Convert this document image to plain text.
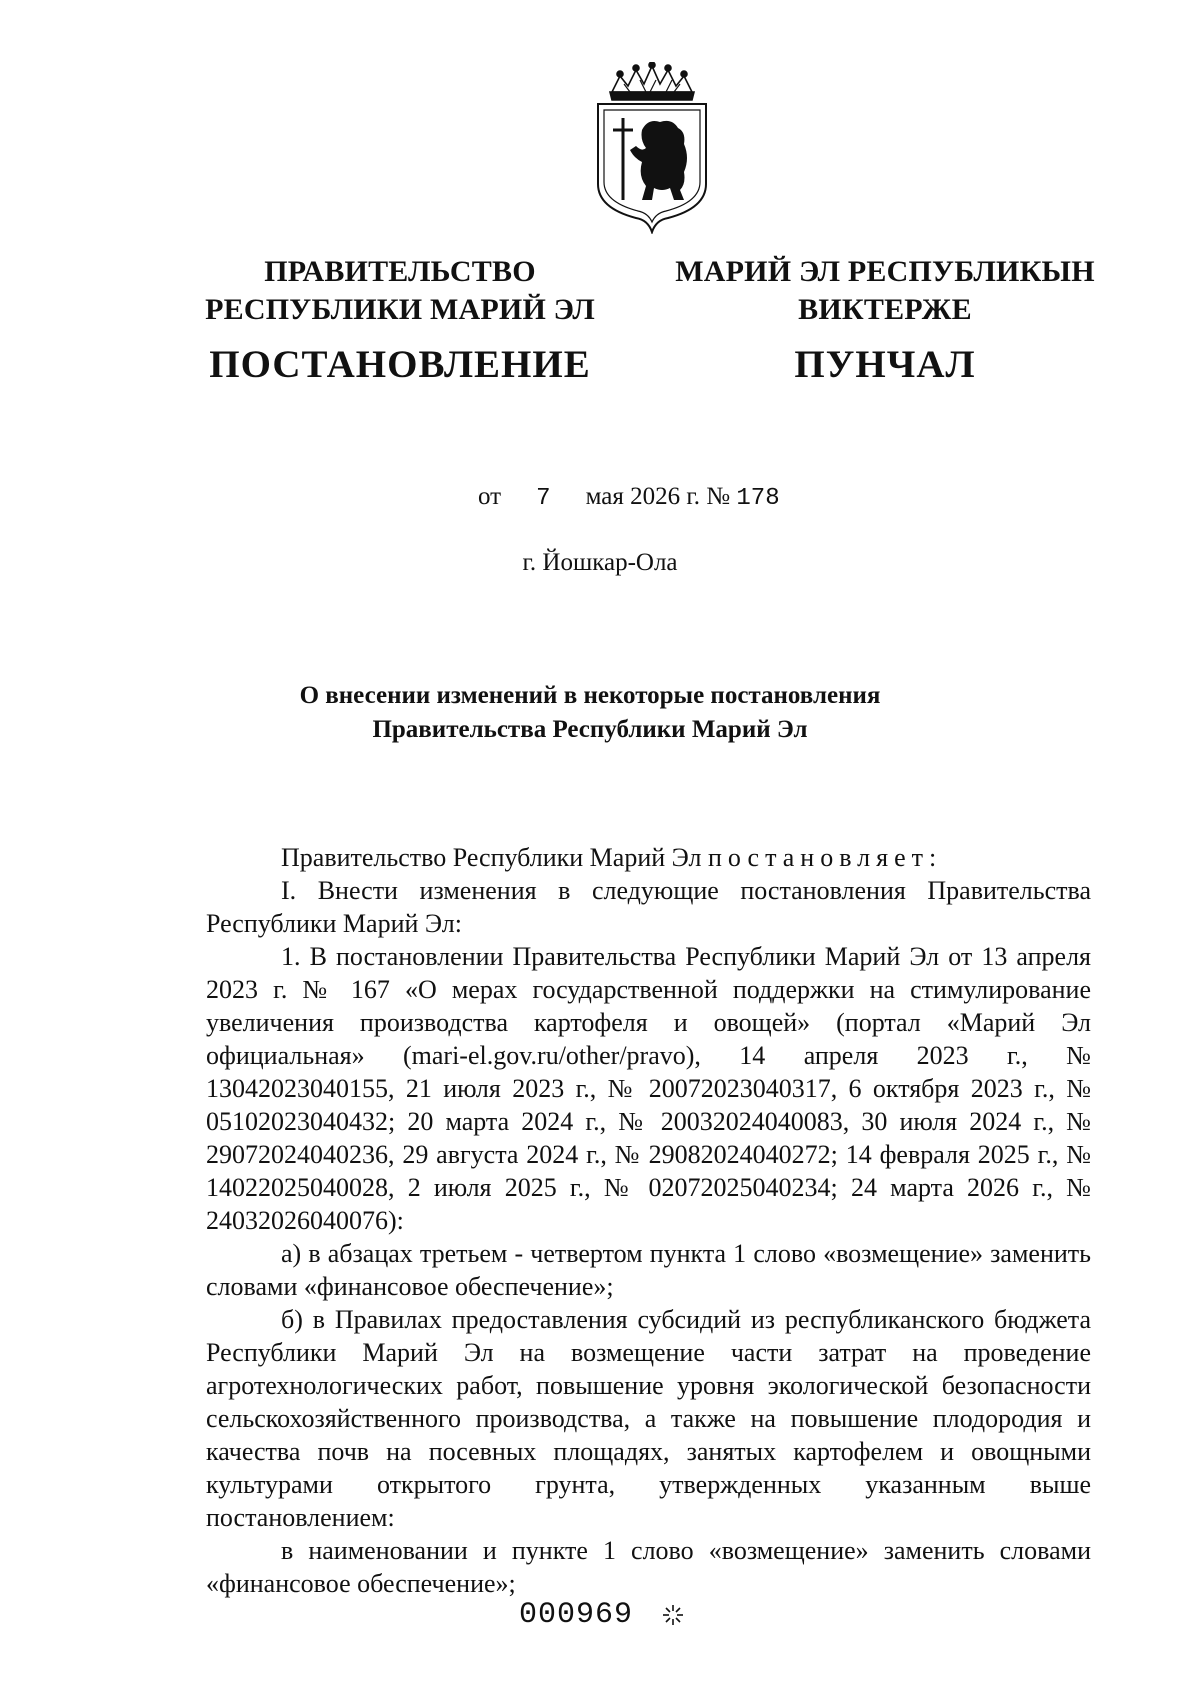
ПРАВИТЕЛЬСТВО
РЕСПУБЛИКИ МАРИЙ ЭЛ
ПОСТАНОВЛЕНИЕ
МАРИЙ ЭЛ РЕСПУБЛИКЫН
ВИКТЕРЖЕ
ПУНЧАЛ
от 7 мая 2026 г. № 178
г. Йошкар-Ола
О внесении изменений в некоторые постановления
Правительства Республики Марий Эл

Правительство Республики Марий Эл постановляет:

I. Внести изменения в следующие постановления Правительства Республики Марий Эл:

1. В постановлении Правительства Республики Марий Эл от 13 апреля 2023 г. № 167 «О мерах государственной поддержки на стимулирование увеличения производства картофеля и овощей» (портал «Марий Эл официальная» (mari-el.gov.ru/other/pravo), 14 апреля 2023 г., № 13042023040155, 21 июля 2023 г., № 20072023040317, 6 октября 2023 г., № 05102023040432; 20 марта 2024 г., № 20032024040083, 30 июля 2024 г., № 29072024040236, 29 августа 2024 г., № 29082024040272; 14 февраля 2025 г., № 14022025040028, 2 июля 2025 г., № 02072025040234; 24 марта 2026 г., № 24032026040076):

а) в абзацах третьем - четвертом пункта 1 слово «возмещение» заменить словами «финансовое обеспечение»;

б) в Правилах предоставления субсидий из республиканского бюджета Республики Марий Эл на возмещение части затрат на проведение агротехнологических работ, повышение уровня экологической безопасности сельскохозяйственного производства, а также на повышение плодородия и качества почв на посевных площадях, занятых картофелем и овощными культурами открытого грунта, утвержденных указанным выше постановлением:

в наименовании и пункте 1 слово «возмещение» заменить словами «финансовое обеспечение»;

000969
